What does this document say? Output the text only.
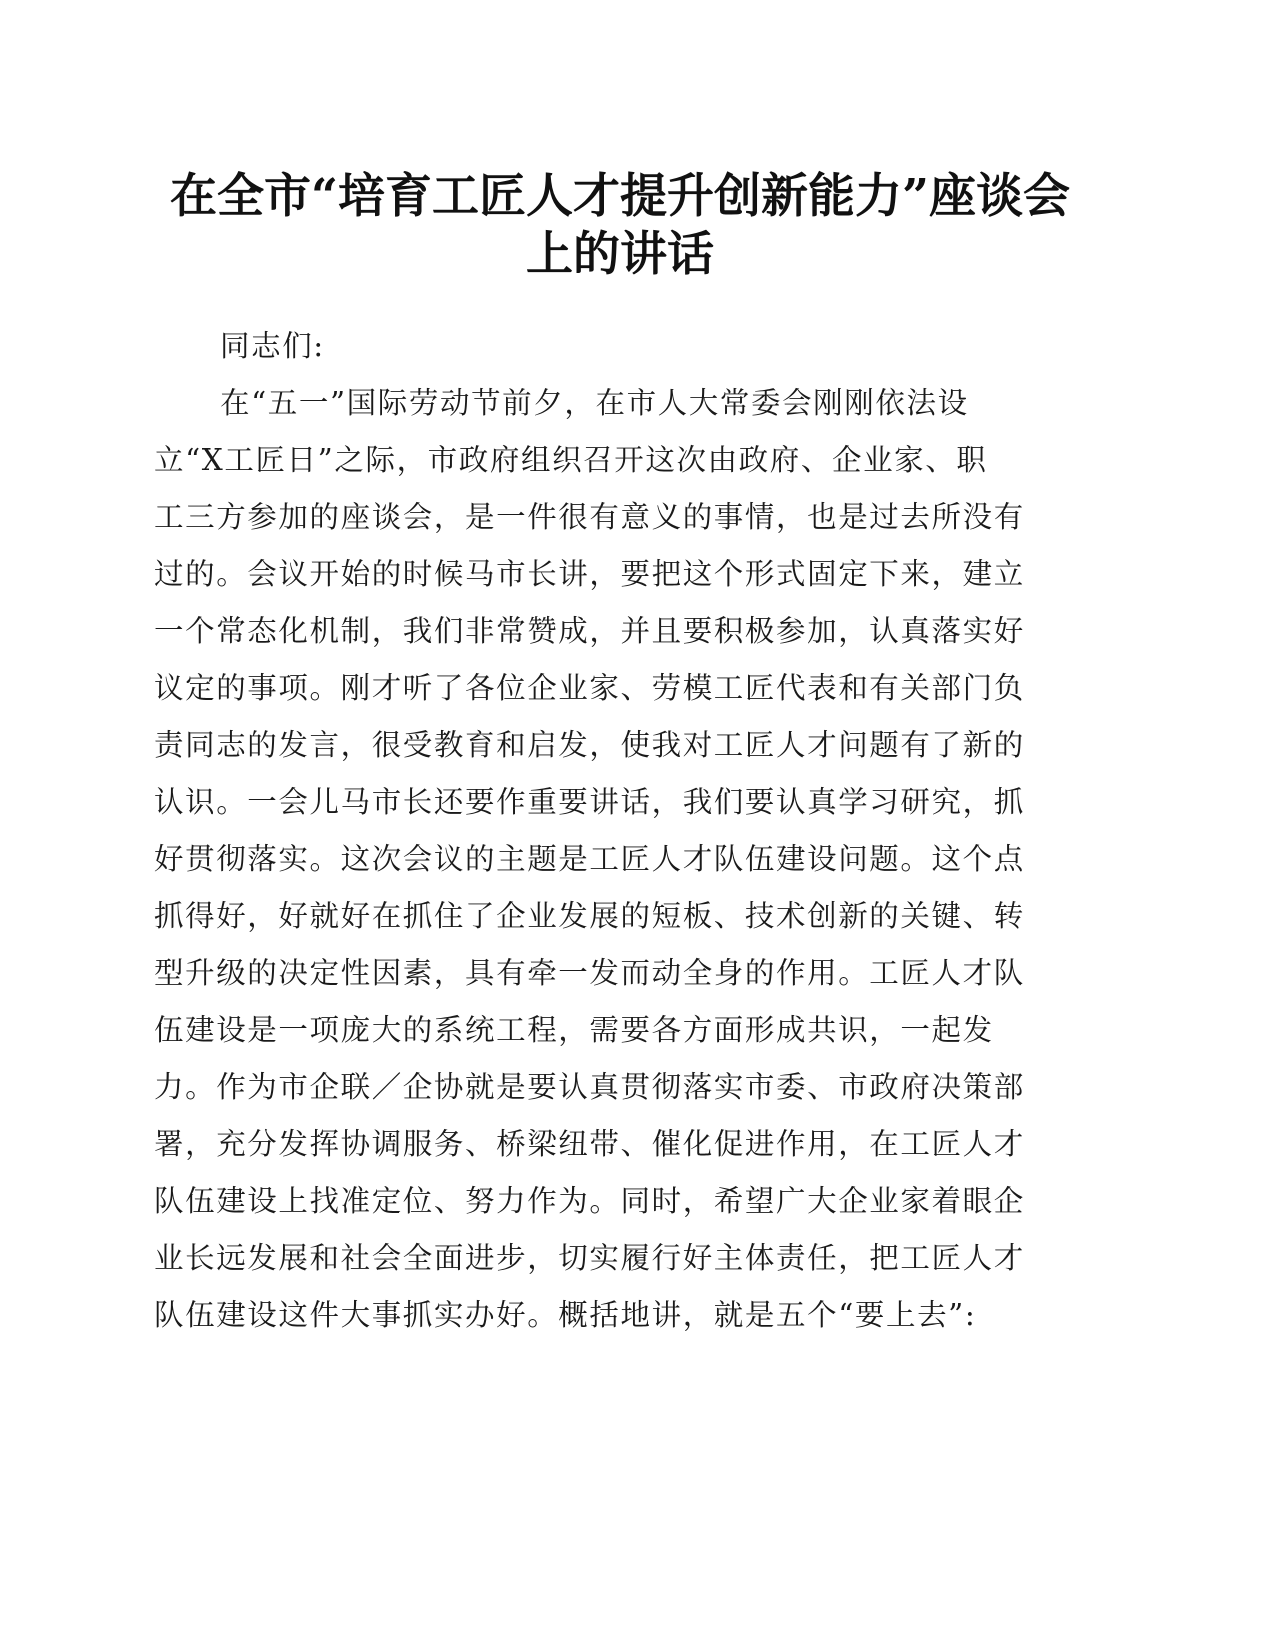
在全市“培育工匠人才提升创新能力”座谈会
上的讲话

同志们:

在“五一”国际劳动节前夕，在市人大常委会刚刚依法设
立“X工匠日”之际，市政府组织召开这次由政府、企业家、职
工三方参加的座谈会，是一件很有意义的事情，也是过去所没有
过的。会议开始的时候马市长讲，要把这个形式固定下来，建立
一个常态化机制，我们非常赞成，并且要积极参加，认真落实好
议定的事项。刚才听了各位企业家、劳模工匠代表和有关部门负
责同志的发言，很受教育和启发，使我对工匠人才问题有了新的
认识。一会儿马市长还要作重要讲话，我们要认真学习研究，抓
好贯彻落实。这次会议的主题是工匠人才队伍建设问题。这个点
抓得好，好就好在抓住了企业发展的短板、技术创新的关键、转
型升级的决定性因素，具有牵一发而动全身的作用。工匠人才队
伍建设是一项庞大的系统工程，需要各方面形成共识，一起发
力。作为市企联／企协就是要认真贯彻落实市委、市政府决策部
署，充分发挥协调服务、桥梁纽带、催化促进作用，在工匠人才
队伍建设上找准定位、努力作为。同时，希望广大企业家着眼企
业长远发展和社会全面进步，切实履行好主体责任，把工匠人才
队伍建设这件大事抓实办好。概括地讲，就是五个“要上去”:
